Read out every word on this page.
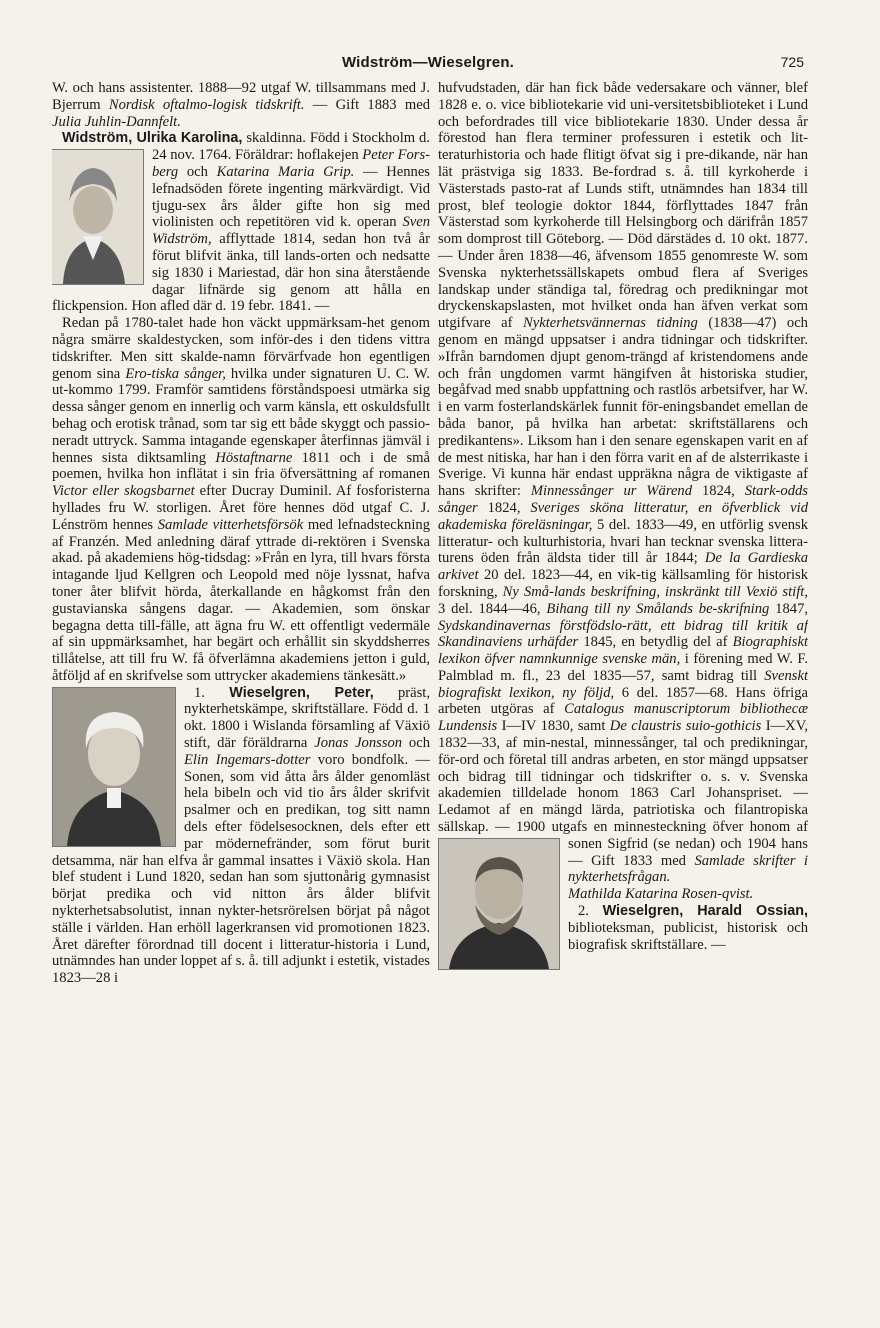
Widström—Wieselgren.	725

W. och hans assistenter. 1888—92 utgaf W. tillsammans med J. Bjerrum Nordisk oftalmo-logisk tidskrift. — Gift 1883 med Julia Juhlin-Dannfelt.

Widström, Ulrika Karolina, skaldinna. Född i Stockholm d. 24 nov. 1764. Föräldrar: hoflakejen
Peter Fors-berg och Katarina Maria Grip. — Hennes lefnadsöden förete ingenting märkvärdigt. Vid tjugu-sex års ålder gifte hon sig med violinisten och repetitören vid k. operan Sven Widström, afflyttade 1814, sedan hon två år förut blifvit änka, till lands-orten och nedsatte sig 1830 i Mariestad, där hon sina återstående dagar lifnärde sig genom att hålla en flickpension. Hon afled där d. 19 febr. 1841. —

Redan på 1780-talet hade hon väckt uppmärksam-het genom några smärre skaldestycken, som inför-des i den tidens vittra tidskrifter. Men sitt skalde-namn förvärfvade hon egentligen genom sina Ero-tiska sånger, hvilka under signaturen U. C. W. ut-kommo 1799. Framför samtidens förståndspoesi utmärka sig dessa sånger genom en innerlig och varm känsla, ett oskuldsfullt behag och erotisk trånad, som tar sig ett både skyggt och passio-neradt uttryck. Samma intagande egenskaper återfinnas jämväl i hennes sista diktsamling Höstaftnarne 1811 och i de små poemen, hvilka hon inflätat i sin fria öfversättning af romanen Victor eller skogsbarnet efter Ducray Duminil. Af fosforisterna hyllades fru W. storligen. Året före hennes död utgaf C. J. Lénström hennes Samlade vitterhetsförsök med lefnadsteckning af Franzén. Med anledning däraf yttrade di-rektören i Svenska akad. på akademiens hög-tidsdag: »Från en lyra, till hvars första intagande ljud Kellgren och Leopold med nöje lyssnat, hafva toner åter blifvit hörda, återkallande en hågkomst från den gustavianska sångens dagar. — Akademien, som önskar begagna detta till-fälle, att ägna fru W. ett offentligt vedermäle af sin uppmärksamhet, har begärt och erhållit sin skyddsherres tillåtelse, att till fru W. få öfverlämna akademiens jetton i guld, åtföljd af en skrifvelse som uttrycker akademiens tänkesätt.»

1. Wieselgren, Peter,
präst, nykterhetskämpe, skriftställare. Född d. 1 okt. 1800 i Wislanda församling af Växiö stift, där föräldrarna Jonas Jonsson och Elin Ingemars-dotter voro bondfolk. — Sonen, som vid åtta års ålder genomläst hela bibeln och vid tio års ålder skrifvit psalmer och en predikan, tog sitt namn dels efter födelsesocknen, dels efter ett par mödernefränder, som förut burit detsamma, när han elfva år gammal insattes i Växiö skola. Han blef student i Lund 1820, sedan han som sjuttonårig gymnasist börjat predika och vid nitton års ålder blifvit nykterhetsabsolutist, innan nykter-hetsrörelsen börjat på något ställe i världen. Han erhöll lagerkransen vid promotionen 1823. Året därefter förordnad till docent i litteratur-historia i Lund, utnämndes han under loppet af s. å. till adjunkt i estetik, vistades 1823—28 i

hufvudstaden, där han fick både vedersakare och vänner, blef 1828 e. o. vice bibliotekarie vid uni-versitetsbiblioteket i Lund och befordrades till vice bibliotekarie 1830. Under dessa år förestod han flera terminer professuren i estetik och lit-teraturhistoria och hade flitigt öfvat sig i pre-dikande, när han lät prästviga sig 1833. Be-fordrad s. å. till kyrkoherde i Västerstads pasto-rat af Lunds stift, utnämndes han 1834 till prost, blef teologie doktor 1844, förflyttades 1847 från Västerstad som kyrkoherde till Helsingborg och därifrån 1857 som domprost till Göteborg. — Död därstädes d. 10 okt. 1877. — Under åren 1838—46, äfvensom 1855 genomreste W. som Svenska nykterhetssällskapets ombud flera af Sveriges landskap under ständiga tal, föredrag och predikningar mot dryckenskapslasten, mot hvilket onda han äfven verkat som utgifvare af Nykterhetsvännernas tidning (1838—47) och genom en mängd uppsatser i andra tidningar och tidskrifter. »Ifrån barndomen djupt genom-trängd af kristendomens ande och från ungdomen varmt hängifven åt historiska studier, begåfvad med snabb uppfattning och rastlös arbetsifver, har W. i en varm fosterlandskärlek funnit för-eningsbandet emellan de båda banor, på hvilka han arbetat: skriftställarens och predikantens». Liksom han i den senare egenskapen varit en af de mest nitiska, har han i den förra varit en af de alsterrikaste i Sverige. Vi kunna här endast uppräkna några de viktigaste af hans skrifter: Minnessånger ur Wärend 1824, Stark-odds sånger 1824, Sveriges sköna litteratur, en öfverblick vid akademiska föreläsningar, 5 del. 1833—49, en utförlig svensk litteratur- och kulturhistoria, hvari han tecknar svenska littera-turens öden från äldsta tider till år 1844; De la Gardieska arkivet 20 del. 1823—44, en vik-tig källsamling för historisk forskning, Ny Små-lands beskrifning, inskränkt till Vexiö stift, 3 del. 1844—46, Bihang till ny Smålands be-skrifning 1847, Sydskandinavernas förstfödslo-rätt, ett bidrag till kritik af Skandinaviens urhäfder 1845, en betydlig del af Biographiskt lexikon öfver namnkunnige svenske män, i förening med W. F. Palmblad m. fl., 23 del 1835—57, samt bidrag till Svenskt biografiskt lexikon, ny följd, 6 del. 1857—68. Hans öfriga arbeten utgöras af Catalogus manuscriptorum bibliothecæ Lundensis I—IV 1830, samt De claustris suio-gothicis I—XV, 1832—33, af min-nestal, minnessånger, tal och predikningar, för-ord och företal till andras arbeten, en stor mängd uppsatser och bidrag till tidningar och tidskrifter o. s. v. Svenska akademien tilldelade honom 1863 Carl Johanspriset. — Ledamot af en mängd lärda, patriotiska och filantropiska sällskap. — 1900 utgafs en minnesteckning öfver honom af sonen Sigfrid (se nedan) och 1904 hans
— Gift 1833 med Samlade skrifter i nykterhetsfrågan.

Mathilda Katarina Rosen-qvist.

2. Wieselgren, Harald Ossian, biblioteksman, publicist, historisk och biografisk skriftställare. —
